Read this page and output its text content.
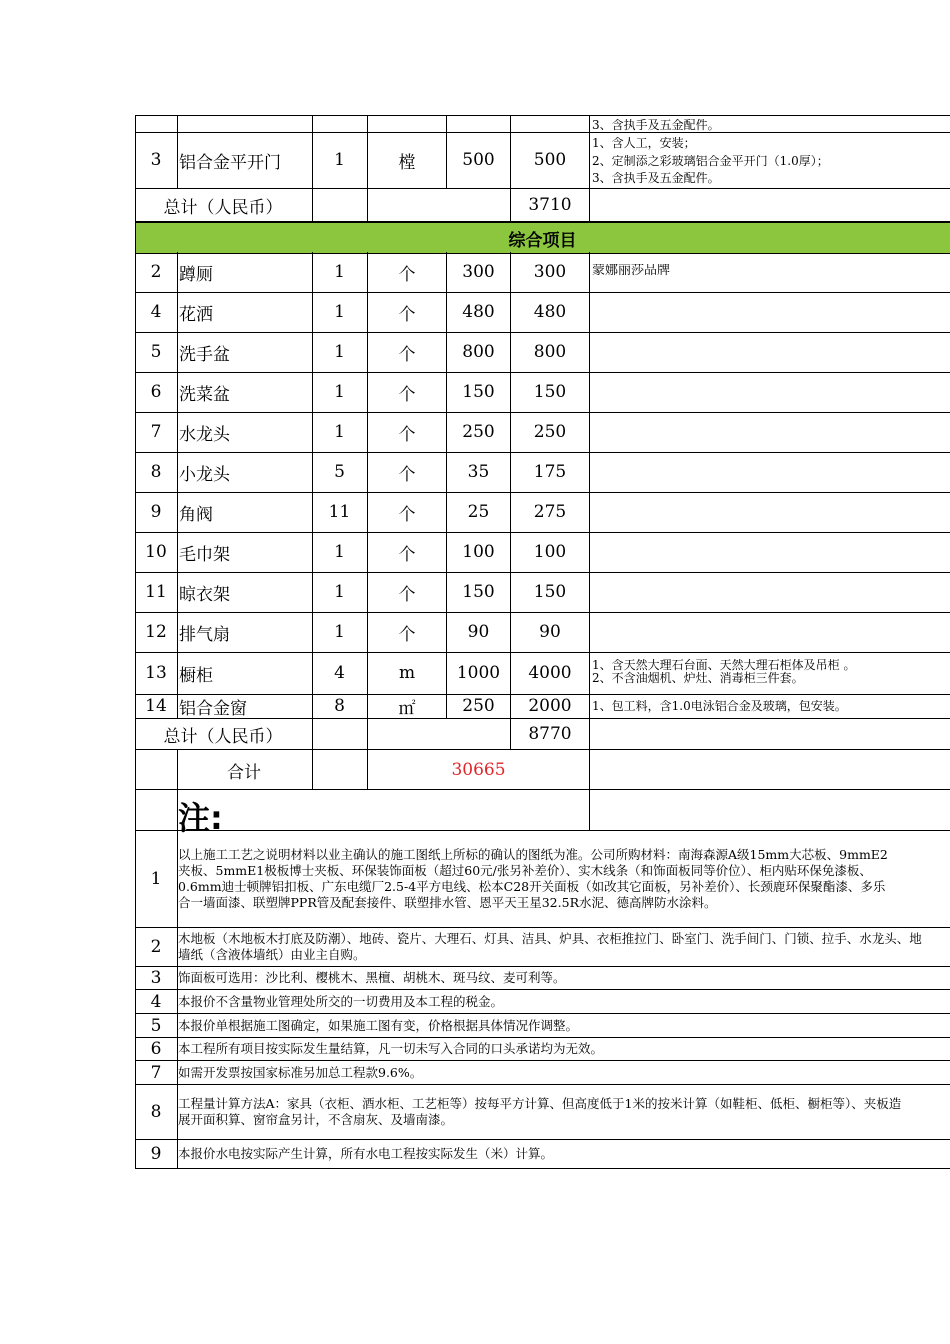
3、含执手及五金配件。
3	铝合金平开门	1	樘	500	500
1、含人工，安装；
2、定制添之彩玻璃铝合金平开门（1.0厚）；
3、含执手及五金配件。
总计（人民币）	3710
综合项目
2	蹲厕	1	个	300	300	蒙娜丽莎品牌
4	花洒	1	个	480	480
5	洗手盆	1	个	800	800
6	洗菜盆	1	个	150	150
7	水龙头	1	个	250	250
8	小龙头	5	个	35	175
9	角阀	11	个	25	275
10 毛巾架	1	个	100	100
11 晾衣架	1	个	150	150
12 排气扇	1	个	90	90
13 橱柜	4	m	1000	4000	1、含天然大理石台面、天然大理石柜体及吊柜 。
2、不含油烟机、炉灶、消毒柜三件套。
14 铝合金窗	8	㎡	250	2000	1、包工料，含1.0电泳铝合金及玻璃，包安装。
总计（人民币）	8770
合计	30665
注:
1
以上施工工艺之说明材料以业主确认的施工图纸上所标的确认的图纸为准。公司所购材料：南海森源A级15mm大芯板、9mmE2
夹板、5mmE1极板博士夹板、环保装饰面板（超过60元/张另补差价）、实木线条（和饰面板同等价位）、柜内贴环保免漆板、
0.6mm迪士顿牌铝扣板、广东电缆厂2.5-4平方电线、松本C28开关面板（如改其它面板，另补差价）、长颈鹿环保聚酯漆、多乐
合一墙面漆、联塑牌PPR管及配套接件、联塑排水管、恩平天王星32.5R水泥、德高牌防水涂料。
2	木地板（木地板木打底及防潮）、地砖、瓷片、大理石、灯具、洁具、炉具、衣柜推拉门、卧室门、洗手间门、门锁、拉手、水龙头、地
墙纸（含液体墙纸）由业主自购。
3	饰面板可选用：沙比利、樱桃木、黑檀、胡桃木、斑马纹、麦可利等。
4	本报价不含量物业管理处所交的一切费用及本工程的税金。
5	本报价单根据施工图确定，如果施工图有变，价格根据具体情况作调整。
6	本工程所有项目按实际发生量结算，凡一切未写入合同的口头承诺均为无效。
7	如需开发票按国家标准另加总工程款9.6%。
8	工程量计算方法A：家具（衣柜、酒水柜、工艺柜等）按每平方计算、但高度低于1米的按米计算（如鞋柜、低柜、橱柜等）、夹板造
展开面积算、窗帘盒另计，不含扇灰、及墙南漆。
9	本报价水电按实际产生计算，所有水电工程按实际发生（米）计算。
